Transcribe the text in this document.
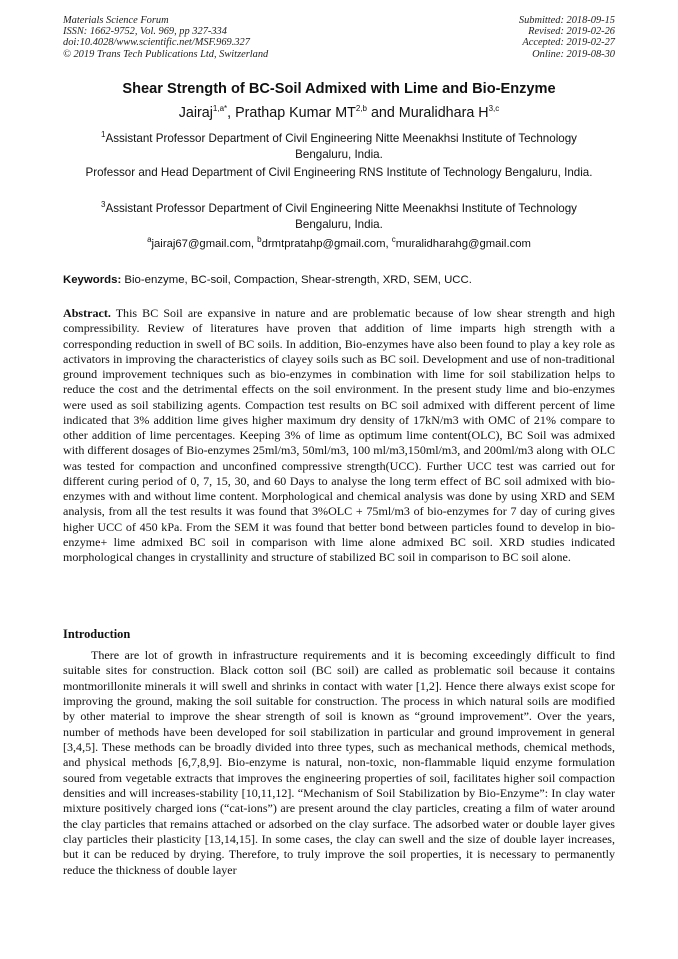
Materials Science Forum
ISSN: 1662-9752, Vol. 969, pp 327-334
doi:10.4028/www.scientific.net/MSF.969.327
© 2019 Trans Tech Publications Ltd, Switzerland
Submitted: 2018-09-15
Revised: 2019-02-26
Accepted: 2019-02-27
Online: 2019-08-30
Shear Strength of BC-Soil Admixed with Lime and Bio-Enzyme
Jairaj$^{1,a*}$, Prathap Kumar MT$^{2,b}$ and Muralidhara H$^{3,c}$
$^1$Assistant Professor Department of Civil Engineering Nitte Meenakhsi Institute of Technology Bengaluru, India.
Professor and Head Department of Civil Engineering RNS Institute of Technology Bengaluru, India.
$^3$Assistant Professor Department of Civil Engineering Nitte Meenakhsi Institute of Technology Bengaluru, India.
$^a$jairaj67@gmail.com, $^b$drmtpratahp@gmail.com, $^c$muralidharahg@gmail.com
Keywords: Bio-enzyme, BC-soil, Compaction, Shear-strength, XRD, SEM, UCC.
Abstract. This BC Soil are expansive in nature and are problematic because of low shear strength and high compressibility. Review of literatures have proven that addition of lime imparts high strength with a corresponding reduction in swell of BC soils. In addition, Bio-enzymes have also been found to play a key role as activators in improving the characteristics of clayey soils such as BC soil. Development and use of non-traditional ground improvement techniques such as bio-enzymes in combination with lime for soil stabilization helps to reduce the cost and the detrimental effects on the soil environment. In the present study lime and bio-enzymes were used as soil stabilizing agents. Compaction test results on BC soil admixed with different percent of lime indicated that 3% addition lime gives higher maximum dry density of 17kN/m3 with OMC of 21% compare to other addition of lime percentages. Keeping 3% of lime as optimum lime content(OLC), BC Soil was admixed with different dosages of Bio-enzymes 25ml/m3, 50ml/m3, 100 ml/m3,150ml/m3, and 200ml/m3 along with OLC was tested for compaction and unconfined compressive strength(UCC). Further UCC test was carried out for different curing period of 0, 7, 15, 30, and 60 Days to analyse the long term effect of BC soil admixed with bio-enzymes with and without lime content. Morphological and chemical analysis was done by using XRD and SEM analysis, from all the test results it was found that 3%OLC + 75ml/m3 of bio-enzymes for 7 day of curing gives higher UCC of 450 kPa. From the SEM it was found that better bond between particles found to develop in bio-enzyme+ lime admixed BC soil in comparison with lime alone admixed BC soil. XRD studies indicated morphological changes in crystallinity and structure of stabilized BC soil in comparison to BC soil alone.
Introduction
There are lot of growth in infrastructure requirements and it is becoming exceedingly difficult to find suitable sites for construction. Black cotton soil (BC soil) are called as problematic soil because it contains montmorillonite minerals it will swell and shrinks in contact with water [1,2]. Hence there always exist scope for improving the ground, making the soil suitable for construction. The process in which natural soils are modified by other material to improve the shear strength of soil is known as “ground improvement”. Over the years, number of methods have been developed for soil stabilization in particular and ground improvement in general [3,4,5]. These methods can be broadly divided into three types, such as mechanical methods, chemical methods, and physical methods [6,7,8,9]. Bio-enzyme is natural, non-toxic, non-flammable liquid enzyme formulation soured from vegetable extracts that improves the engineering properties of soil, facilitates higher soil compaction densities and will increases-stability [10,11,12]. “Mechanism of Soil Stabilization by Bio-Enzyme”: In clay water mixture positively charged ions (“cat-ions”) are present around the clay particles, creating a film of water around the clay particles that remains attached or adsorbed on the clay surface. The adsorbed water or double layer gives clay particles their plasticity [13,14,15]. In some cases, the clay can swell and the size of double layer increases, but it can be reduced by drying. Therefore, to truly improve the soil properties, it is necessary to permanently reduce the thickness of double layer
